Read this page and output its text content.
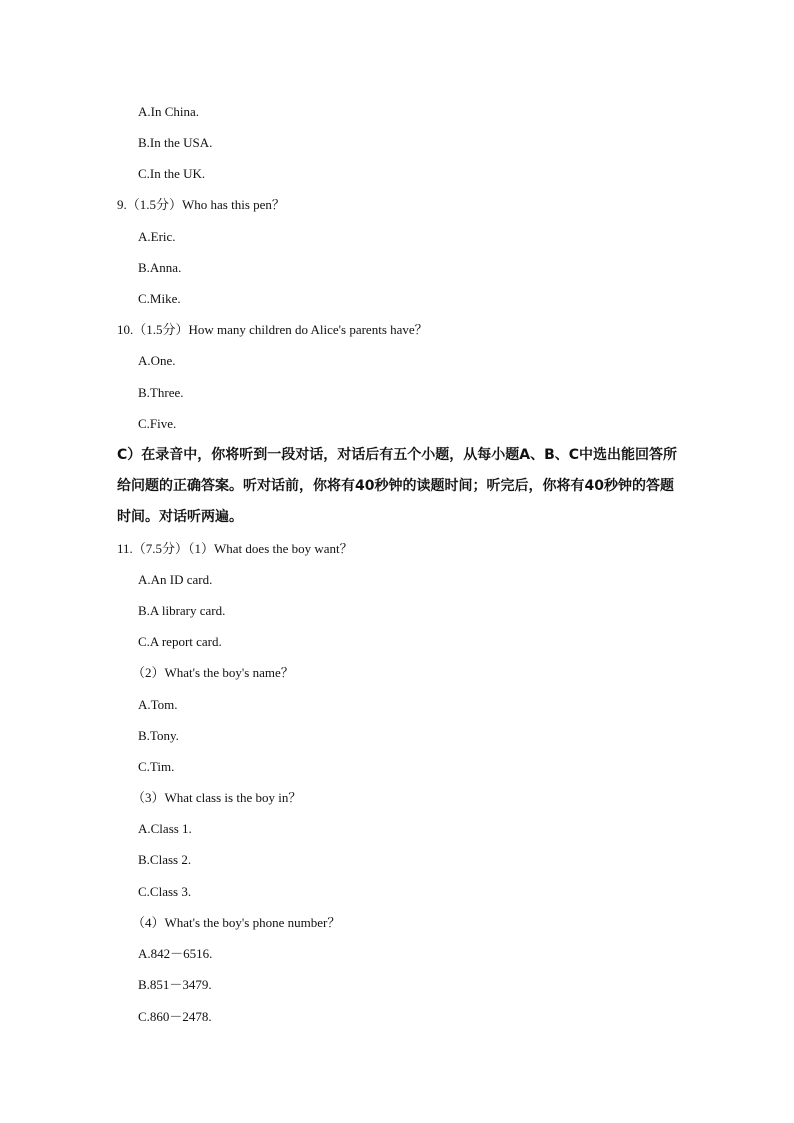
A.In China.
B.In the USA.
C.In the UK.
9.（1.5分）Who has this pen？
A.Eric.
B.Anna.
C.Mike.
10.（1.5分）How many children do Alice's parents have？
A.One.
B.Three.
C.Five.
C）在录音中，你将听到一段对话，对话后有五个小题，从每小题A、B、C中选出能回答所给问题的正确答案。听对话前，你将有40秒钟的读题时间；听完后，你将有40秒钟的答题时间。对话听两遍。
11.（7.5分）（1）What does the boy want？
A.An ID card.
B.A library card.
C.A report card.
（2）What's the boy's name？
A.Tom.
B.Tony.
C.Tim.
（3）What class is the boy in？
A.Class 1.
B.Class 2.
C.Class 3.
（4）What's the boy's phone number？
A.842－6516.
B.851－3479.
C.860－2478.
